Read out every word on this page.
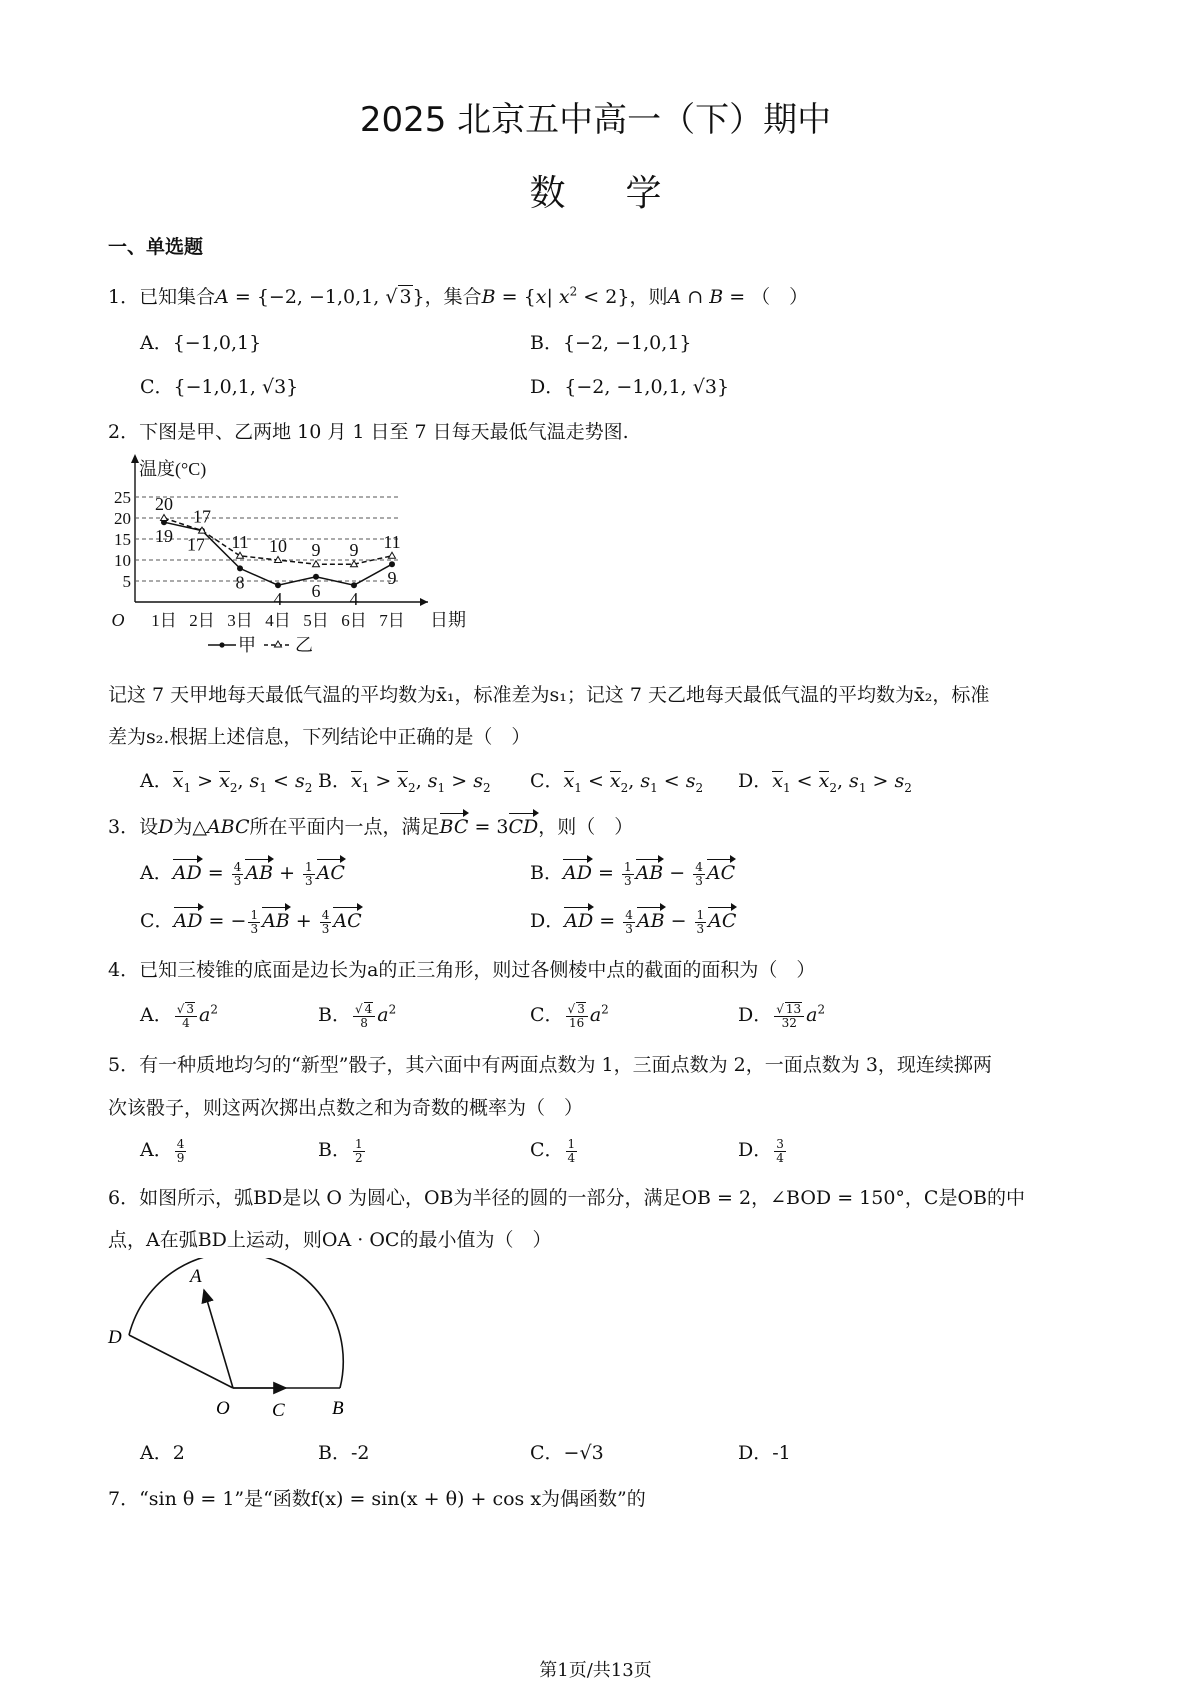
2025 北京五中高一（下）期中
数学
一、单选题
1．已知集合A = {−2, −1,0,1, √ 3}，集合B = {x| $x^2 < 2$}，则A ∩ B = （　）
A．{−1,0,1}	B．{−2, −1,0,1}
C．{−1,0,1, √3}	D．{−2, −1,0,1, √3}
2．下图是甲、乙两地 10 月 1 日至 7 日每天最低气温走势图.
温度(°C)
日期
O
5
10
15
20
25
1日 2日 3日 4日 5日 6日 7日
19 17
8
4 6 4
9
20
17
11 10 9 9 11
甲 乙
记这 7 天甲地每天最低气温的平均数为x̄₁，标准差为s₁；记这 7 天乙地每天最低气温的平均数为x̄₂，标准
差为s₂.根据上述信息，下列结论中正确的是（　）
A．$x_1 > x_2$, $s_1 < s_2$ B．$x_1 > x_2$, $s_1 > s_2$ C．$x_1 < x_2$, $s_1 < s_2$ D．$x_1 < x_2$, $s_1 > s_2$
3．设D为△ABC所在平面内一点，满足BC = 3CD，则（　）
A．AD = $\frac{4}{3}$ AB + $\frac{1}{3}$ AC	B．AD = $\frac{1}{3}$ AB − $\frac{4}{3}$ AC
C．AD = − $\frac{1}{3}$ AB + $\frac{4}{3}$ AC	D．AD = $\frac{4}{3}$ AB − $\frac{1}{3}$ AC
4．已知三棱锥的底面是边长为a的正三角形，则过各侧棱中点的截面的面积为（　）
A． $\frac{√ 3}{4} a^2$	B． $\frac{√ 4}{8} a^2$	C． $\frac{√ 3}{16} a^2$	D． $\frac{√ 13}{32} a^2$
5．有一种质地均匀的“新型”骰子，其六面中有两面点数为 1，三面点数为 2，一面点数为 3，现连续掷两
次该骰子，则这两次掷出点数之和为奇数的概率为（　）
A． $\frac{4}{9}$	B． $\frac{1}{2}$	C． $\frac{1}{4}$	D． $\frac{3}{4}$
6．如图所示，弧BD是以 O 为圆心，OB为半径的圆的一部分，满足OB = 2，∠BOD = 150°，C是OB的中
点，A在弧BD上运动，则OA · OC的最小值为（　）
A
D
O C B
A．2	B．-2	C．−√3	D．-1
7．“sin θ = 1”是“函数f(x) = sin(x + θ) + cos x为偶函数”的
第1页/共13页
